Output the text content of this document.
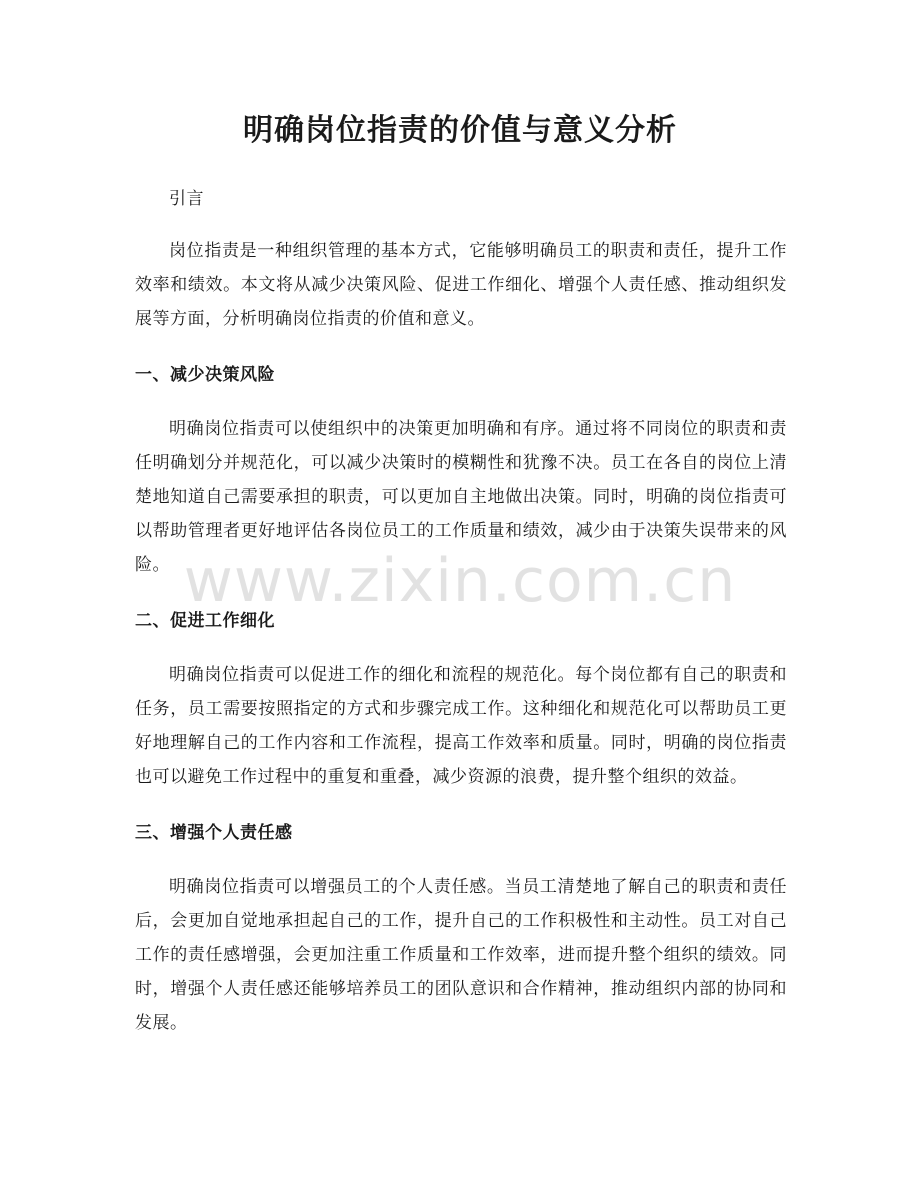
明确岗位指责的价值与意义分析

引言

岗位指责是一种组织管理的基本方式，它能够明确员工的职责和责任，提升工作效率和绩效。本文将从减少决策风险、促进工作细化、增强个人责任感、推动组织发展等方面，分析明确岗位指责的价值和意义。

一、减少决策风险

明确岗位指责可以使组织中的决策更加明确和有序。通过将不同岗位的职责和责任明确划分并规范化，可以减少决策时的模糊性和犹豫不决。员工在各自的岗位上清楚地知道自己需要承担的职责，可以更加自主地做出决策。同时，明确的岗位指责可以帮助管理者更好地评估各岗位员工的工作质量和绩效，减少由于决策失误带来的风险。

二、促进工作细化

明确岗位指责可以促进工作的细化和流程的规范化。每个岗位都有自己的职责和任务，员工需要按照指定的方式和步骤完成工作。这种细化和规范化可以帮助员工更好地理解自己的工作内容和工作流程，提高工作效率和质量。同时，明确的岗位指责也可以避免工作过程中的重复和重叠，减少资源的浪费，提升整个组织的效益。

三、增强个人责任感

明确岗位指责可以增强员工的个人责任感。当员工清楚地了解自己的职责和责任后，会更加自觉地承担起自己的工作，提升自己的工作积极性和主动性。员工对自己工作的责任感增强，会更加注重工作质量和工作效率，进而提升整个组织的绩效。同时，增强个人责任感还能够培养员工的团队意识和合作精神，推动组织内部的协同和发展。

www.zixin.com.cn
